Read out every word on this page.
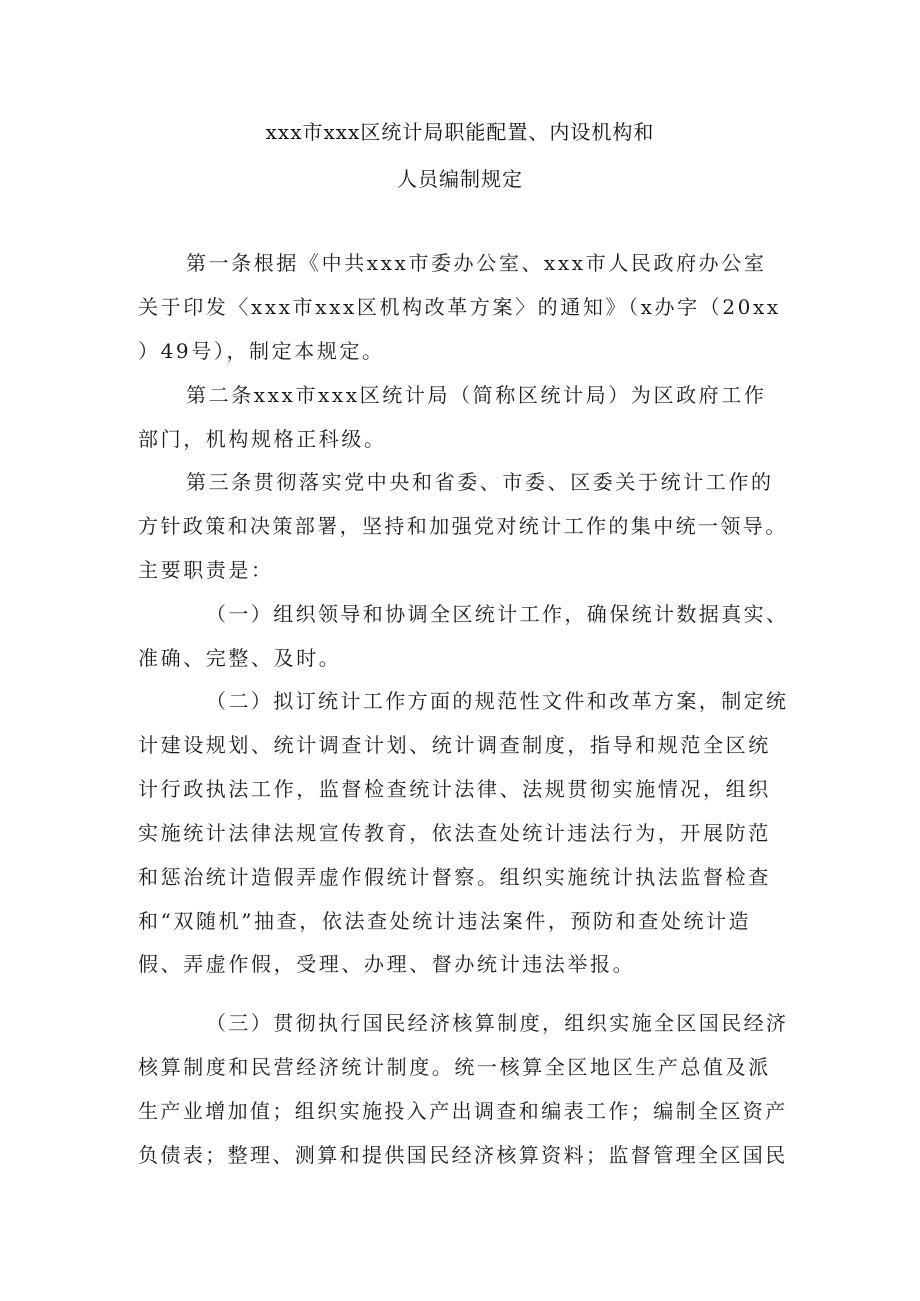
xxx市xxx区统计局职能配置、内设机构和
人员编制规定
第一条根据《中共xxx市委办公室、xxx市人民政府办公室
关于印发〈xxx市xxx区机构改革方案〉的通知》（x办字（20xx
）49号），制定本规定。
第二条xxx市xxx区统计局（简称区统计局）为区政府工作
部门，机构规格正科级。
第三条贯彻落实党中央和省委、市委、区委关于统计工作的
方针政策和决策部署，坚持和加强党对统计工作的集中统一领导。
主要职责是：
（一）组织领导和协调全区统计工作，确保统计数据真实、
准确、完整、及时。
（二）拟订统计工作方面的规范性文件和改革方案，制定统
计建设规划、统计调查计划、统计调查制度，指导和规范全区统
计行政执法工作，监督检查统计法律、法规贯彻实施情况，组织
实施统计法律法规宣传教育，依法查处统计违法行为，开展防范
和惩治统计造假弄虚作假统计督察。组织实施统计执法监督检查
和“双随机”抽查，依法查处统计违法案件，预防和查处统计造
假、弄虚作假，受理、办理、督办统计违法举报。
（三）贯彻执行国民经济核算制度，组织实施全区国民经济
核算制度和民营经济统计制度。统一核算全区地区生产总值及派
生产业增加值；组织实施投入产出调查和编表工作；编制全区资产
负债表；整理、测算和提供国民经济核算资料；监督管理全区国民
